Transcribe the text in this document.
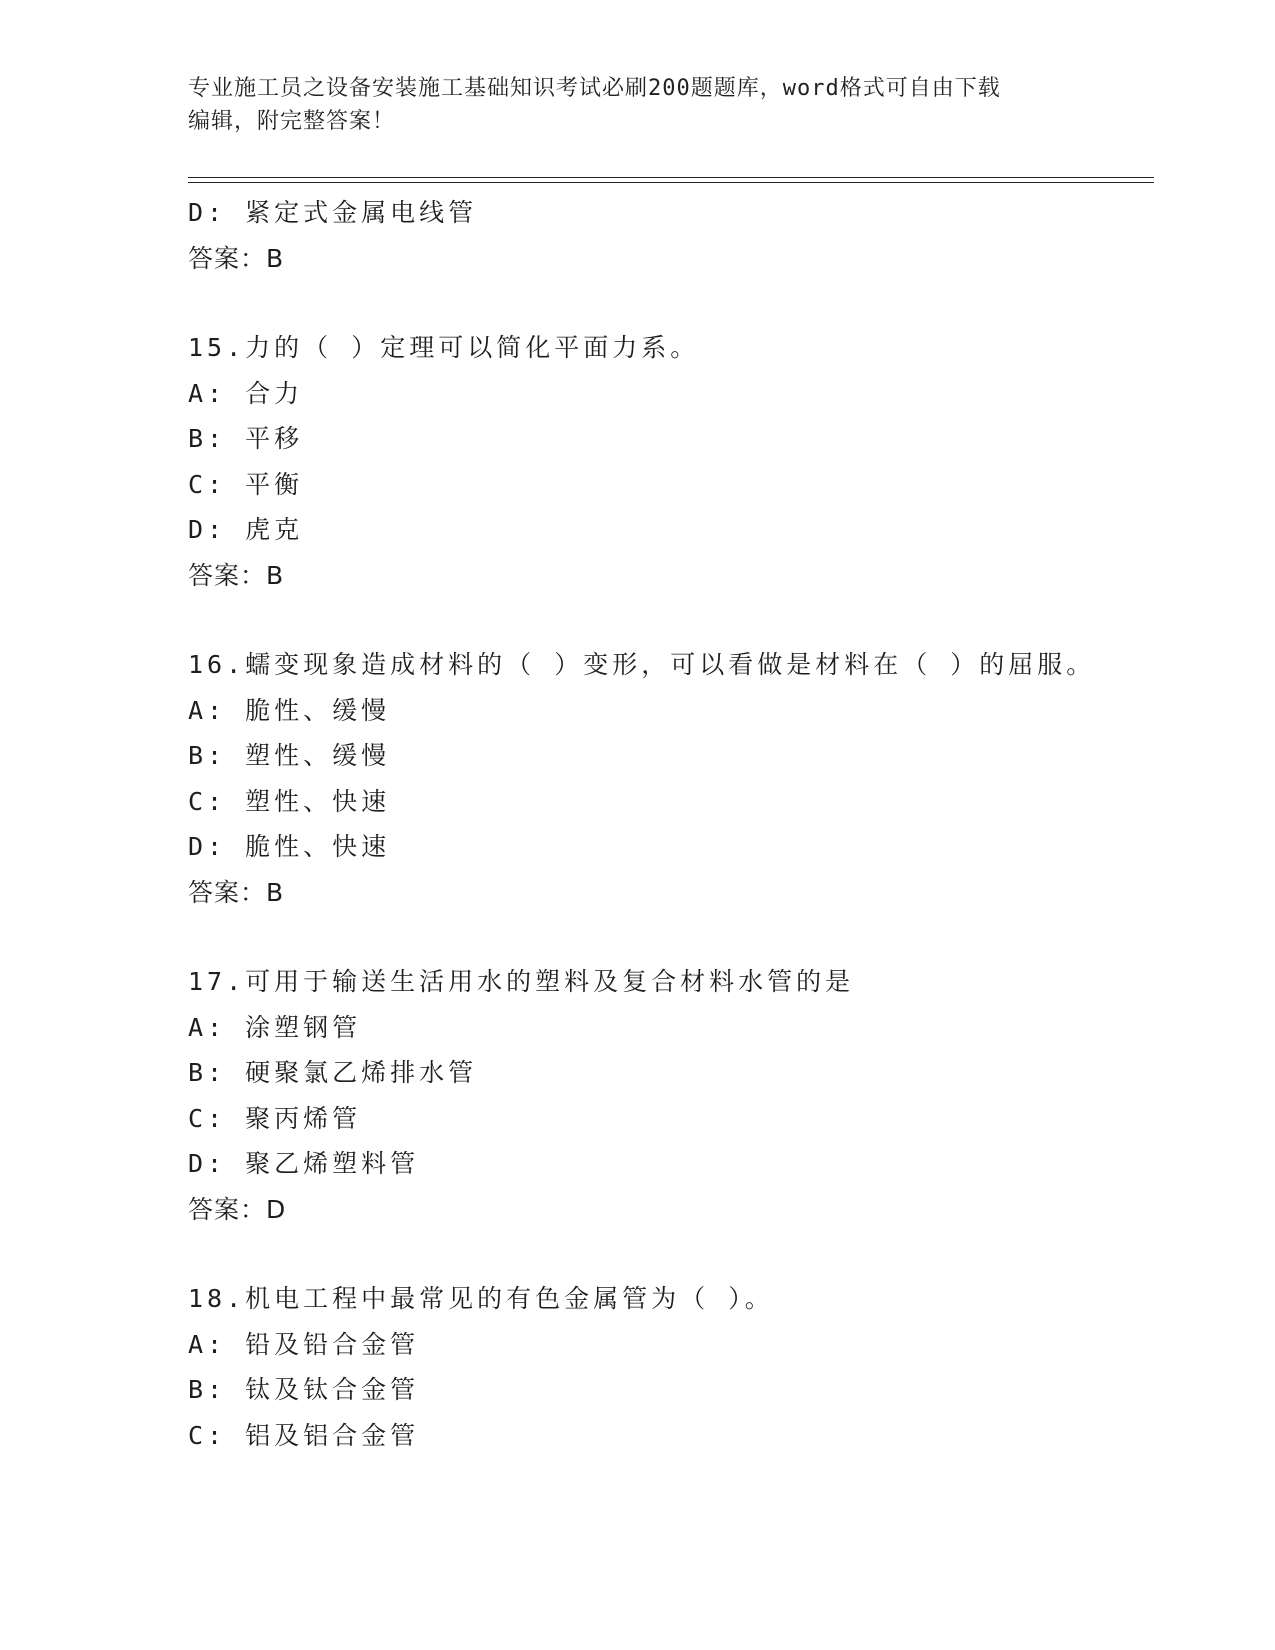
专业施工员之设备安装施工基础知识考试必刷200题题库，word格式可自由下载
编辑，附完整答案！
D: 紧定式金属电线管
答案：B
15.力的（ ）定理可以简化平面力系。
A: 合力
B: 平移
C: 平衡
D: 虎克
答案：B
16.蠕变现象造成材料的（ ）变形，可以看做是材料在（ ）的屈服。
A: 脆性、缓慢
B: 塑性、缓慢
C: 塑性、快速
D: 脆性、快速
答案：B
17.可用于输送生活用水的塑料及复合材料水管的是
A: 涂塑钢管
B: 硬聚氯乙烯排水管
C: 聚丙烯管
D: 聚乙烯塑料管
答案：D
18.机电工程中最常见的有色金属管为（ ）。
A: 铅及铅合金管
B: 钛及钛合金管
C: 铝及铝合金管
